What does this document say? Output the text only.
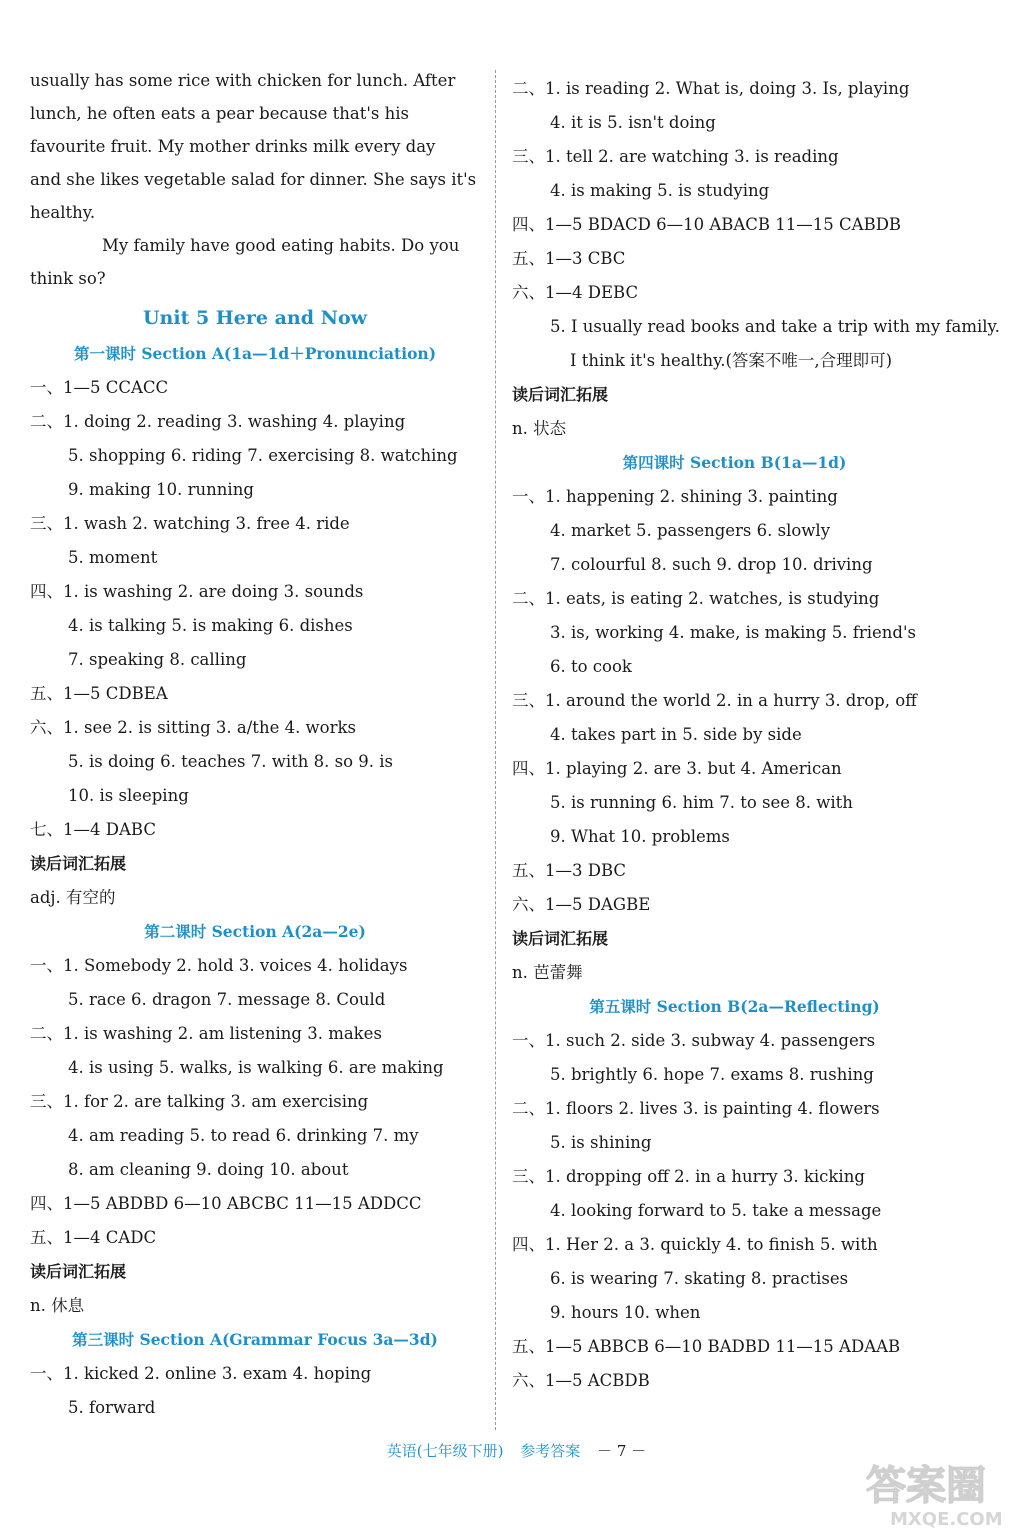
usually has some rice with chicken for lunch. After
lunch, he often eats a pear because that's his
favourite fruit. My mother drinks milk every day
and she likes vegetable salad for dinner. She says it's
healthy.
My family have good eating habits. Do you
think so?
Unit 5 Here and Now
第一课时 Section A(1a—1d＋Pronunciation)
一、1—5 CCACC
二、1. doing 2. reading 3. washing 4. playing
5. shopping 6. riding 7. exercising 8. watching
9. making 10. running
三、1. wash 2. watching 3. free 4. ride
5. moment
四、1. is washing 2. are doing 3. sounds
4. is talking 5. is making 6. dishes
7. speaking 8. calling
五、1—5 CDBEA
六、1. see 2. is sitting 3. a/the 4. works
5. is doing 6. teaches 7. with 8. so 9. is
10. is sleeping
七、1—4 DABC
读后词汇拓展
adj. 有空的
第二课时 Section A(2a—2e)
一、1. Somebody 2. hold 3. voices 4. holidays
5. race 6. dragon 7. message 8. Could
二、1. is washing 2. am listening 3. makes
4. is using 5. walks, is walking 6. are making
三、1. for 2. are talking 3. am exercising
4. am reading 5. to read 6. drinking 7. my
8. am cleaning 9. doing 10. about
四、1—5 ABDBD 6—10 ABCBC 11—15 ADDCC
五、1—4 CADC
读后词汇拓展
n. 休息
第三课时 Section A(Grammar Focus 3a—3d)
一、1. kicked 2. online 3. exam 4. hoping
5. forward
二、1. is reading 2. What is, doing 3. Is, playing
4. it is 5. isn't doing
三、1. tell 2. are watching 3. is reading
4. is making 5. is studying
四、1—5 BDACD 6—10 ABACB 11—15 CABDB
五、1—3 CBC
六、1—4 DEBC
5. I usually read books and take a trip with my family.
I think it's healthy.(答案不唯一,合理即可)
读后词汇拓展
n. 状态
第四课时 Section B(1a—1d)
一、1. happening 2. shining 3. painting
4. market 5. passengers 6. slowly
7. colourful 8. such 9. drop 10. driving
二、1. eats, is eating 2. watches, is studying
3. is, working 4. make, is making 5. friend's
6. to cook
三、1. around the world 2. in a hurry 3. drop, off
4. takes part in 5. side by side
四、1. playing 2. are 3. but 4. American
5. is running 6. him 7. to see 8. with
9. What 10. problems
五、1—3 DBC
六、1—5 DAGBE
读后词汇拓展
n. 芭蕾舞
第五课时 Section B(2a—Reflecting)
一、1. such 2. side 3. subway 4. passengers
5. brightly 6. hope 7. exams 8. rushing
二、1. floors 2. lives 3. is painting 4. flowers
5. is shining
三、1. dropping off 2. in a hurry 3. kicking
4. looking forward to 5. take a message
四、1. Her 2. a 3. quickly 4. to finish 5. with
6. is wearing 7. skating 8. practises
9. hours 10. when
五、1—5 ABBCB 6—10 BADBD 11—15 ADAAB
六、1—5 ACBDB
英语(七年级下册) 参考答案 － 7 －
答案圈
MXQE.COM
